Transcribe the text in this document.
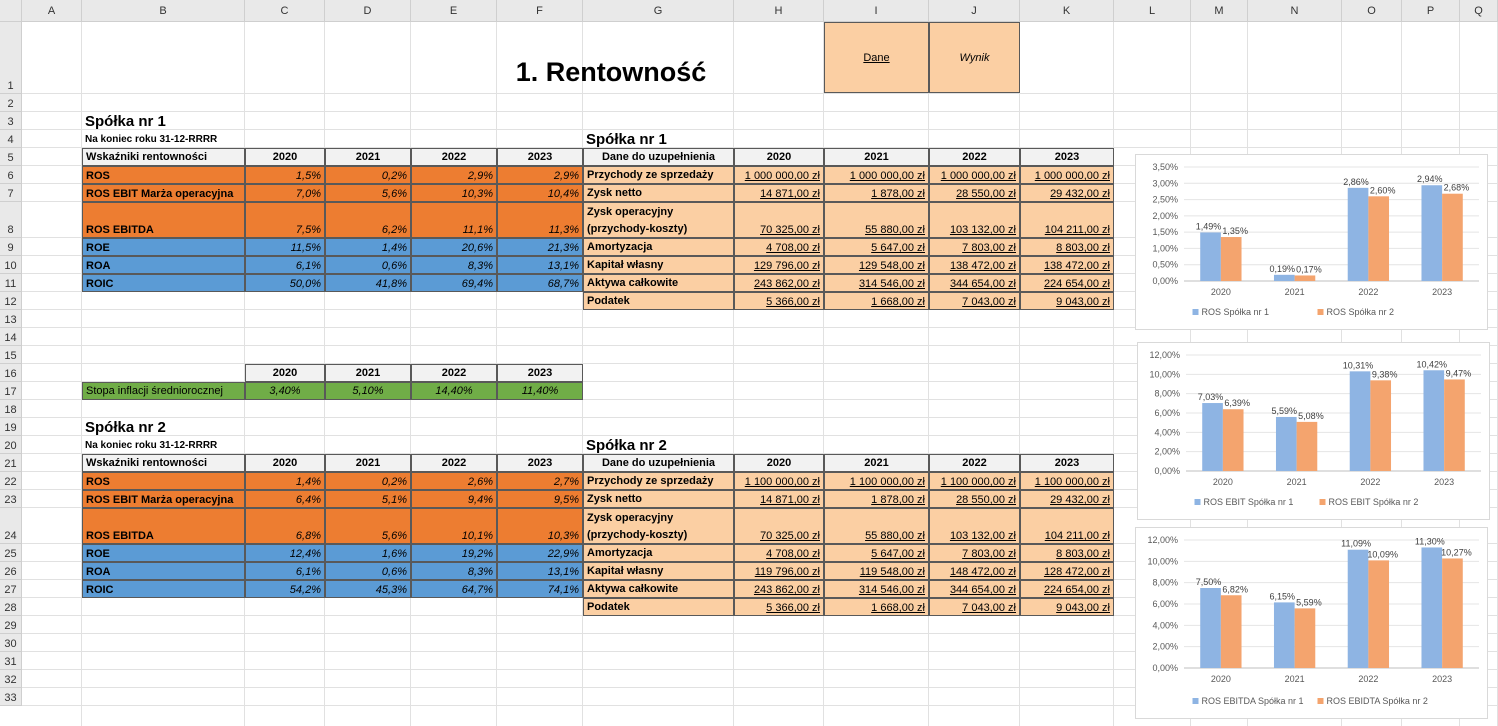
A	B	C	D	E	F	G	H	I	J	K	L	M	N	O	P	Q
1
2
3
4
5
6
7
8
9
10
11
12
13
14
15
16
17
18
19
20
21
22
23
24
25
26
27
28
29
30
31
32
33
1. Rentowność	Dane	Wynik
Spółka nr 1
Na koniec roku 31-12-RRRR	Spółka nr 1
Wskaźniki rentowności	2020	2021	2022	2023
ROS	1,5%	0,2%	2,9%	2,9%
ROS EBIT Marża operacyjna	7,0%	5,6%	10,3%	10,4%
ROS EBITDA	7,5%	6,2%	11,1%	11,3%
ROE	11,5%	1,4%	20,6%	21,3%
ROA	6,1%	0,6%	8,3%	13,1%
ROIC	50,0%	41,8%	69,4%	68,7%
Dane do uzupełnienia	2020	2021	2022	2023
Przychody ze sprzedaży	1 000 000,00 zł	1 000 000,00 zł	1 000 000,00 zł	1 000 000,00 zł
Zysk netto	14 871,00 zł	1 878,00 zł	28 550,00 zł	29 432,00 zł
Zysk operacyjny
(przychody-koszty)	70 325,00 zł	55 880,00 zł	103 132,00 zł	104 211,00 zł
Amortyzacja	4 708,00 zł	5 647,00 zł	7 803,00 zł	8 803,00 zł
Kapitał własny	129 796,00 zł	129 548,00 zł	138 472,00 zł	138 472,00 zł
Aktywa całkowite	243 862,00 zł	314 546,00 zł	344 654,00 zł	224 654,00 zł
Podatek	5 366,00 zł	1 668,00 zł	7 043,00 zł	9 043,00 zł
Spółka nr 2
Na koniec roku 31-12-RRRR	Spółka nr 2
Wskaźniki rentowności	2020	2021	2022	2023
ROS	1,4%	0,2%	2,6%	2,7%
ROS EBIT Marża operacyjna	6,4%	5,1%	9,4%	9,5%
ROS EBITDA	6,8%	5,6%	10,1%	10,3%
ROE	12,4%	1,6%	19,2%	22,9%
ROA	6,1%	0,6%	8,3%	13,1%
ROIC	54,2%	45,3%	64,7%	74,1%
Dane do uzupełnienia	2020	2021	2022	2023
Przychody ze sprzedaży	1 100 000,00 zł	1 100 000,00 zł	1 100 000,00 zł	1 100 000,00 zł
Zysk netto	14 871,00 zł	1 878,00 zł	28 550,00 zł	29 432,00 zł
Zysk operacyjny
(przychody-koszty)	70 325,00 zł	55 880,00 zł	103 132,00 zł	104 211,00 zł
Amortyzacja	4 708,00 zł	5 647,00 zł	7 803,00 zł	8 803,00 zł
Kapitał własny	119 796,00 zł	119 548,00 zł	148 472,00 zł	128 472,00 zł
Aktywa całkowite	243 862,00 zł	314 546,00 zł	344 654,00 zł	224 654,00 zł
Podatek	5 366,00 zł	1 668,00 zł	7 043,00 zł	9 043,00 zł
2020	2021	2022	2023
Stopa inflacji średniorocznej	3,40%	5,10%	14,40%	11,40%
0,00%
0,50%
1,00%
1,50%
2,00%
2,50%
3,00%
3,50%
2020
1,49% 1,35%
2021
0,19% 0,17%
2022
2,86%
2,60%
2023
2,94%
2,68%
ROS Spółka nr 1	ROS Spółka nr 2
0,00%
2,00%
4,00%
6,00%
8,00%
10,00%
12,00%
2020
7,03%
6,39%
2021
5,59% 5,08%
2022
10,31%
9,38%
2023
10,42%
9,47%
ROS EBIT Spółka nr 1	ROS EBIT Spółka nr 2
0,00%
2,00%
4,00%
6,00%
8,00%
10,00%
12,00%
2020
7,50%
6,82%
2021
6,15%
5,59%
2022
11,09%
10,09%
2023
11,30%
10,27%
ROS EBITDA Spółka nr 1	ROS EBIDTA Spółka nr 2
